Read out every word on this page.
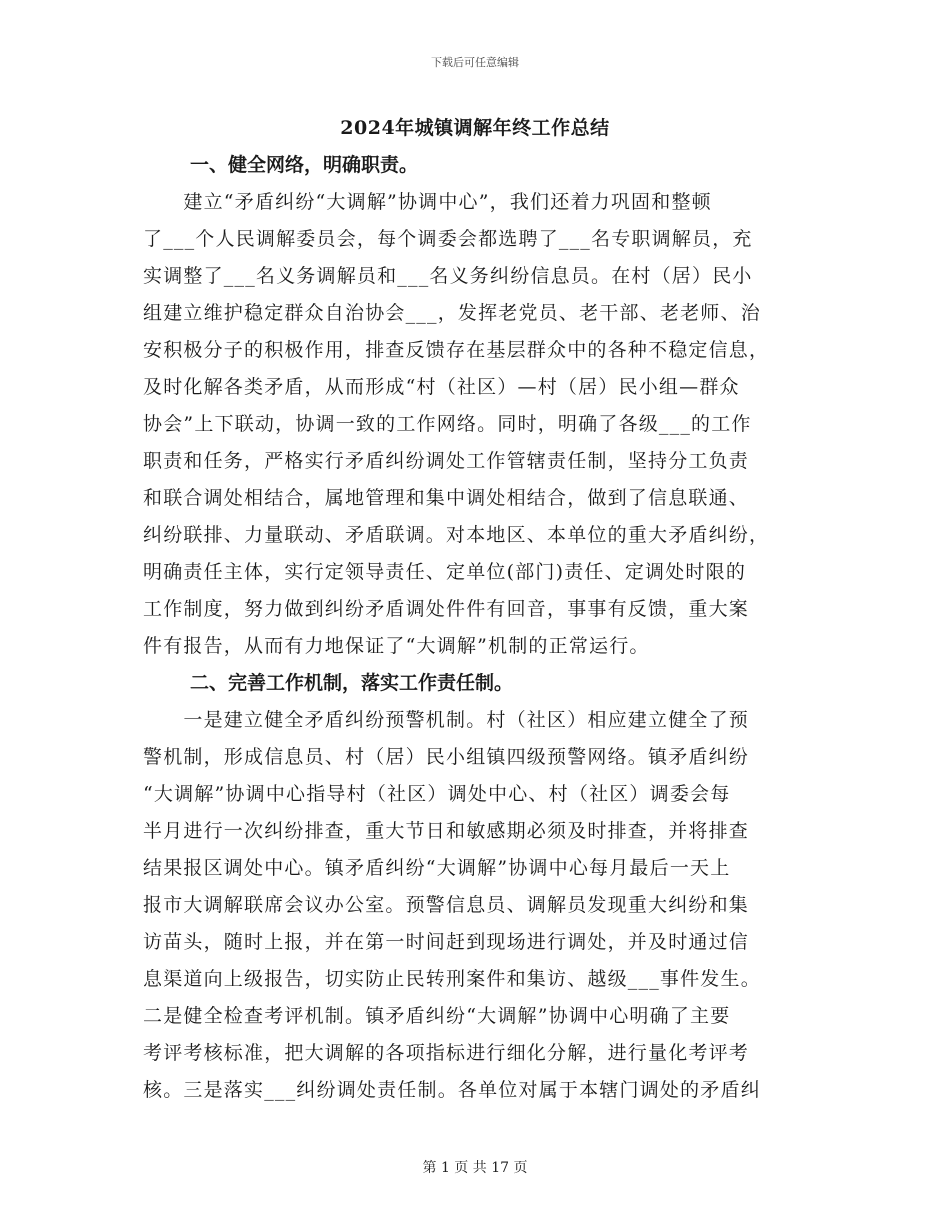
下载后可任意编辑
2024年城镇调解年终工作总结
一、健全网络，明确职责。
　　建立“矛盾纠纷“大调解”协调中心”，我们还着力巩固和整顿
了___个人民调解委员会，每个调委会都选聘了___名专职调解员，充
实调整了___名义务调解员和___名义务纠纷信息员。在村（居）民小
组建立维护稳定群众自治协会___，发挥老党员、老干部、老老师、治
安积极分子的积极作用，排查反馈存在基层群众中的各种不稳定信息，
及时化解各类矛盾，从而形成“村（社区）—村（居）民小组—群众
协会”上下联动，协调一致的工作网络。同时，明确了各级___的工作
职责和任务，严格实行矛盾纠纷调处工作管辖责任制，坚持分工负责
和联合调处相结合，属地管理和集中调处相结合，做到了信息联通、
纠纷联排、力量联动、矛盾联调。对本地区、本单位的重大矛盾纠纷，
明确责任主体，实行定领导责任、定单位(部门)责任、定调处时限的
工作制度，努力做到纠纷矛盾调处件件有回音，事事有反馈，重大案
件有报告，从而有力地保证了“大调解”机制的正常运行。
二、完善工作机制，落实工作责任制。
　　一是建立健全矛盾纠纷预警机制。村（社区）相应建立健全了预
警机制，形成信息员、村（居）民小组镇四级预警网络。镇矛盾纠纷
“大调解”协调中心指导村（社区）调处中心、村（社区）调委会每
半月进行一次纠纷排查，重大节日和敏感期必须及时排查，并将排查
结果报区调处中心。镇矛盾纠纷“大调解”协调中心每月最后一天上
报市大调解联席会议办公室。预警信息员、调解员发现重大纠纷和集
访苗头，随时上报，并在第一时间赶到现场进行调处，并及时通过信
息渠道向上级报告，切实防止民转刑案件和集访、越级___事件发生。
二是健全检查考评机制。镇矛盾纠纷“大调解”协调中心明确了主要
考评考核标准，把大调解的各项指标进行细化分解，进行量化考评考
核。三是落实___纠纷调处责任制。各单位对属于本辖门调处的矛盾纠
第 1 页 共 17 页
